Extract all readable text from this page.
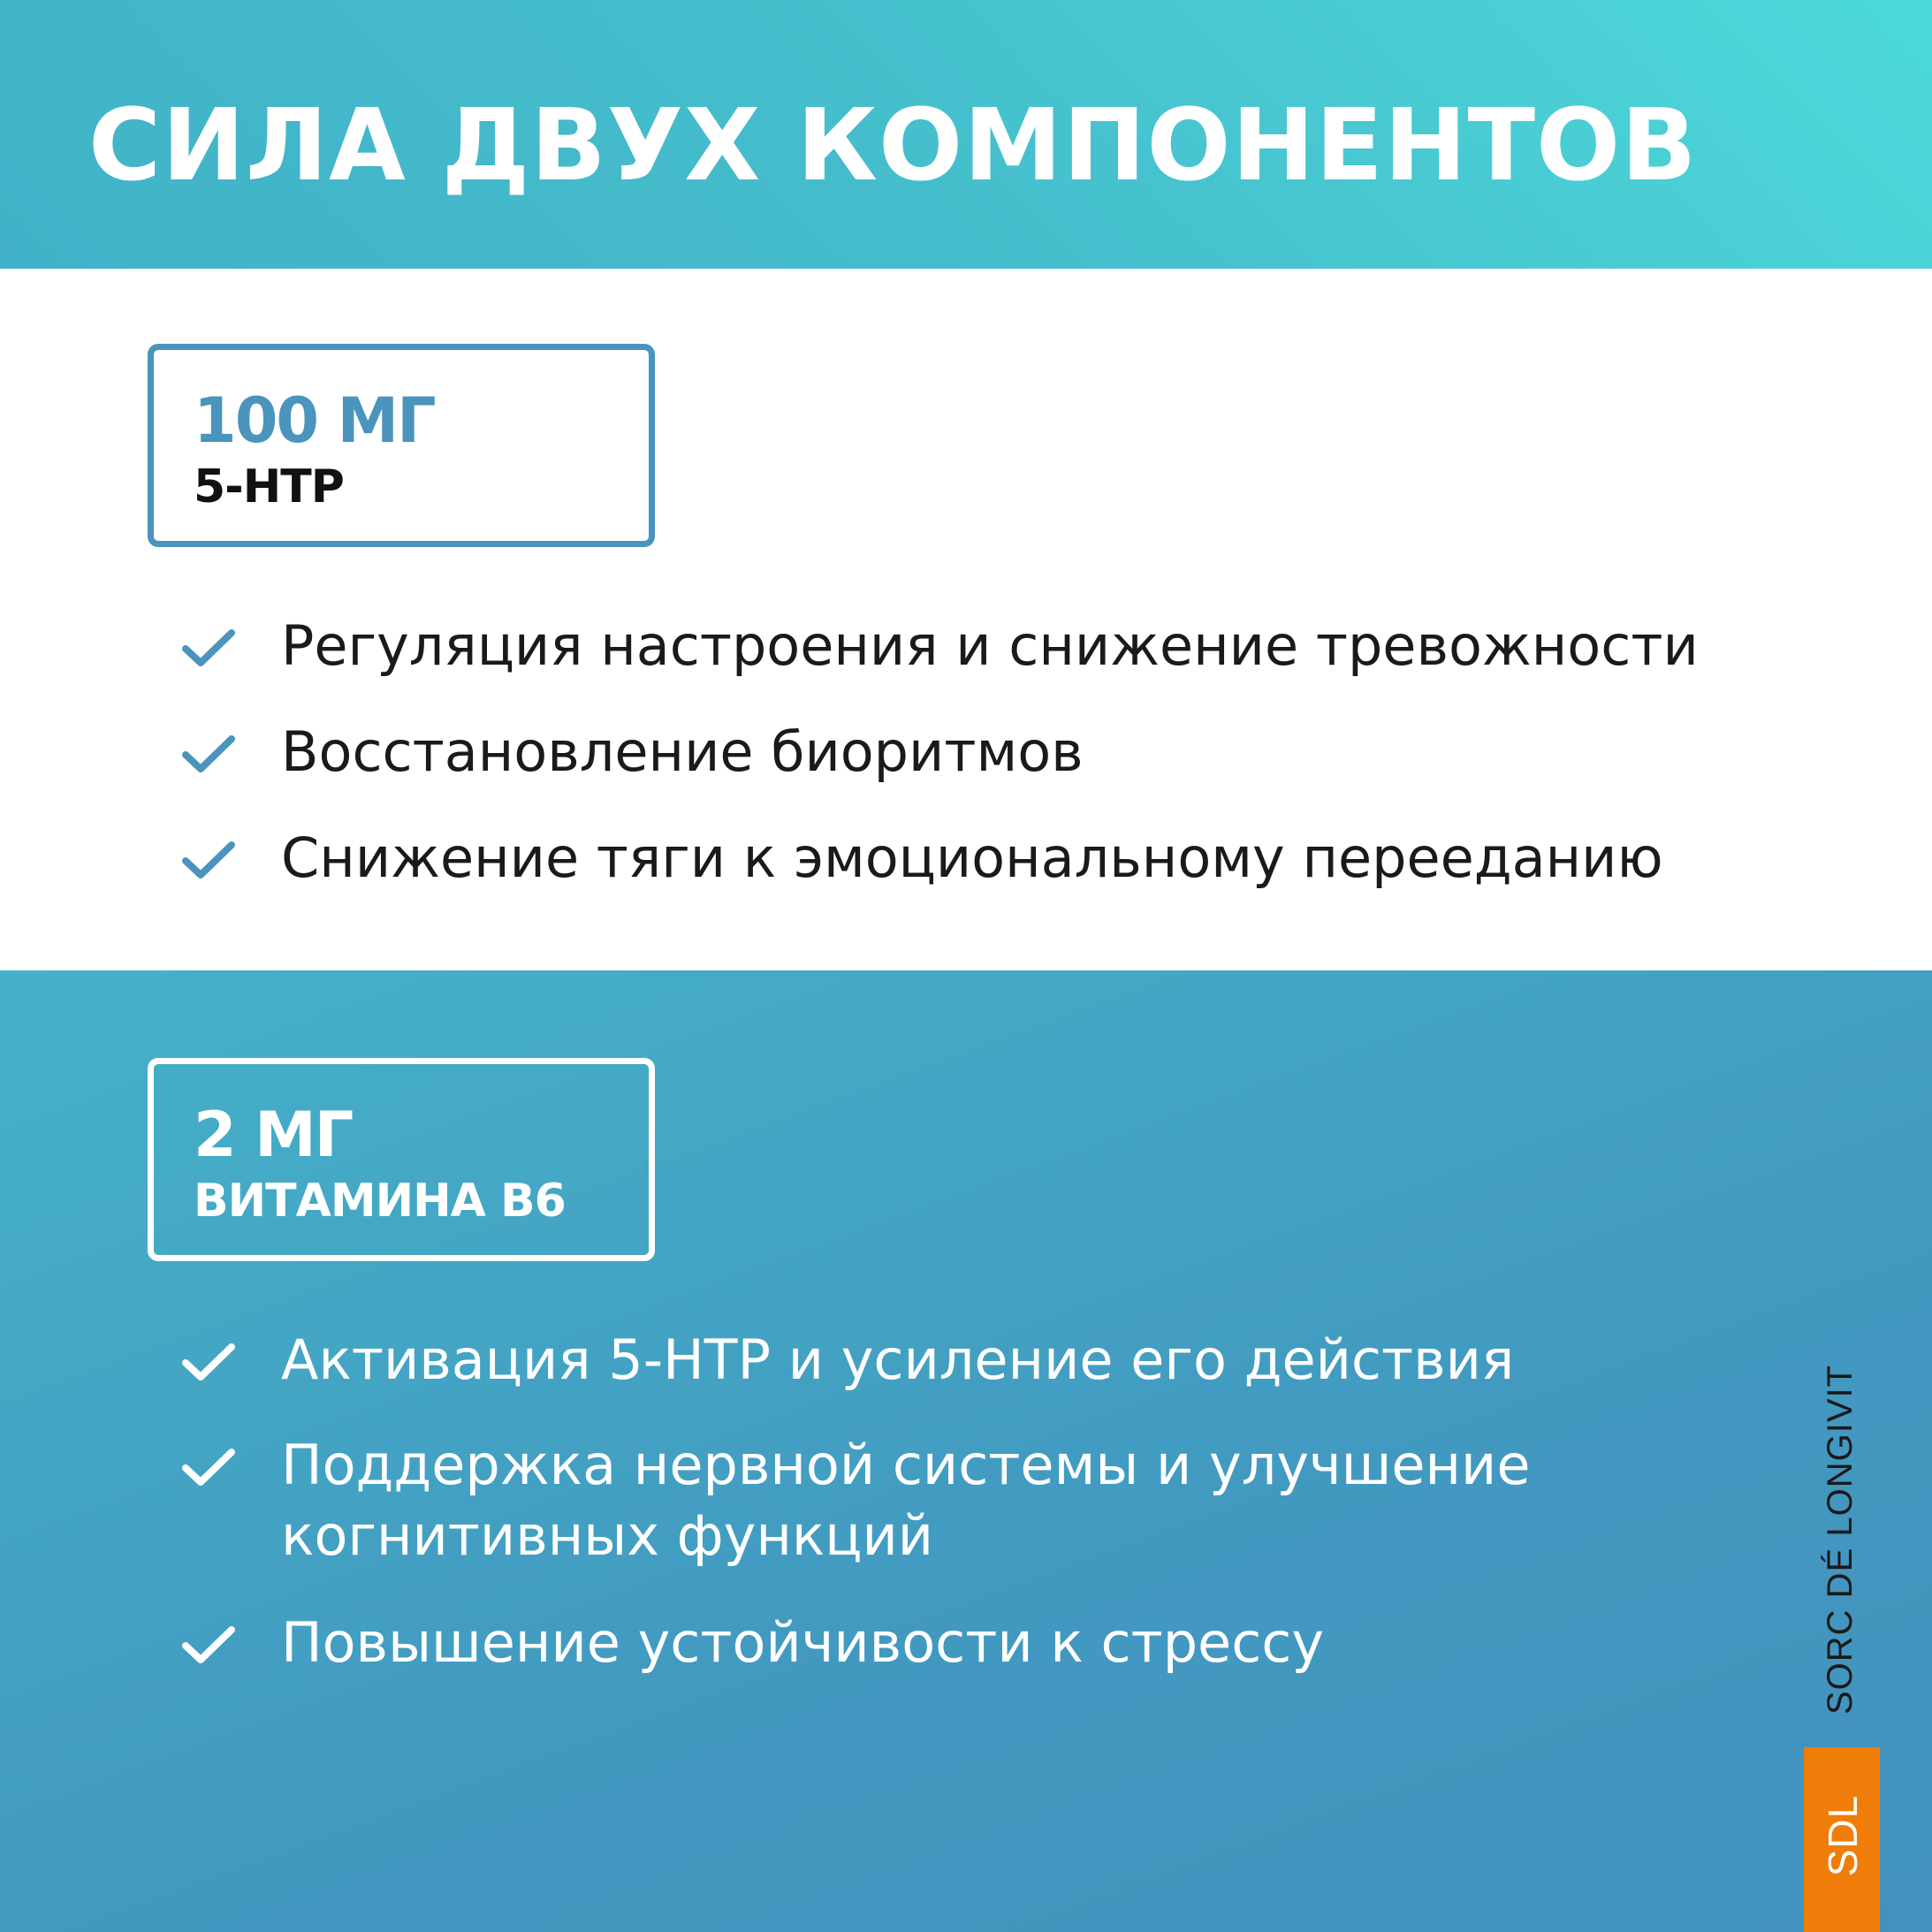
СИЛА ДВУХ КОМПОНЕНТОВ
100 МГ
5-HTP
Регуляция настроения и снижение тревожности
Восстановление биоритмов
Снижение тяги к эмоциональному перееданию
2 МГ
ВИТАМИНА В6
Активация 5-HTP и усиление его действия
Поддержка нервной системы и улучшение
когнитивных функций
Повышение устойчивости к стрессу	SORC DÉ LONGIVIT
SDL
